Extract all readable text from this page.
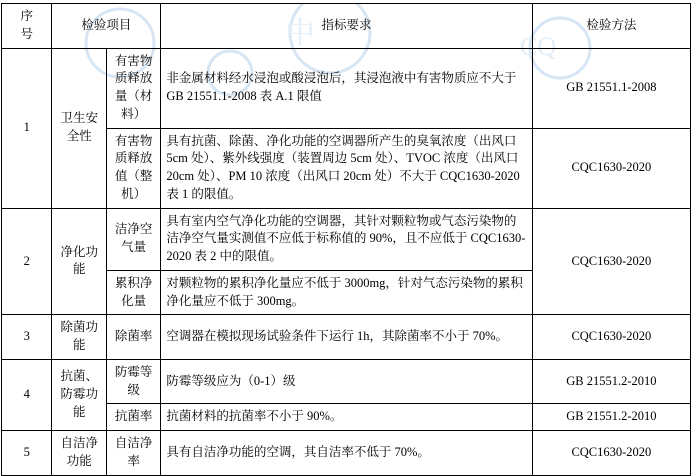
中	CQ
序
号	检验项目		指标要求	检验方法
1	卫生安全性	有害物质释放量（材料）	非金属材料经水浸泡或酸浸泡后，其浸泡液中有害物质应不大于 GB 21551.1-2008 表 A.1 限值	GB 21551.1-2008
		有害物质释放值（整机）	具有抗菌、除菌、净化功能的空调器所产生的臭氧浓度（出风口 5cm 处）、紫外线强度（装置周边 5cm 处）、TVOC 浓度（出风口 20cm 处）、PM 10 浓度（出风口 20cm 处）不大于 CQC1630-2020 表 1 的限值。	CQC1630-2020
2	净化功能	洁净空气量	具有室内空气净化功能的空调器，其针对颗粒物或气态污染物的洁净空气量实测值不应低于标称值的 90%，且不应低于 CQC1630-2020 表 2 中的限值。	CQC1630-2020
		累积净化量	对颗粒物的累积净化量应不低于 3000mg，针对气态污染物的累积净化量应不低于 300mg。	
3	除菌功能	除菌率	空调器在模拟现场试验条件下运行 1h，其除菌率不小于 70%。	CQC1630-2020
4	抗菌、防霉功能	防霉等级	防霉等级应为（0-1）级	GB 21551.2-2010
		抗菌率	抗菌材料的抗菌率不小于 90%。	GB 21551.2-2010
5	自洁净功能	自洁净率	具有自洁净功能的空调，其自洁率不低于 70%。	CQC1630-2020
